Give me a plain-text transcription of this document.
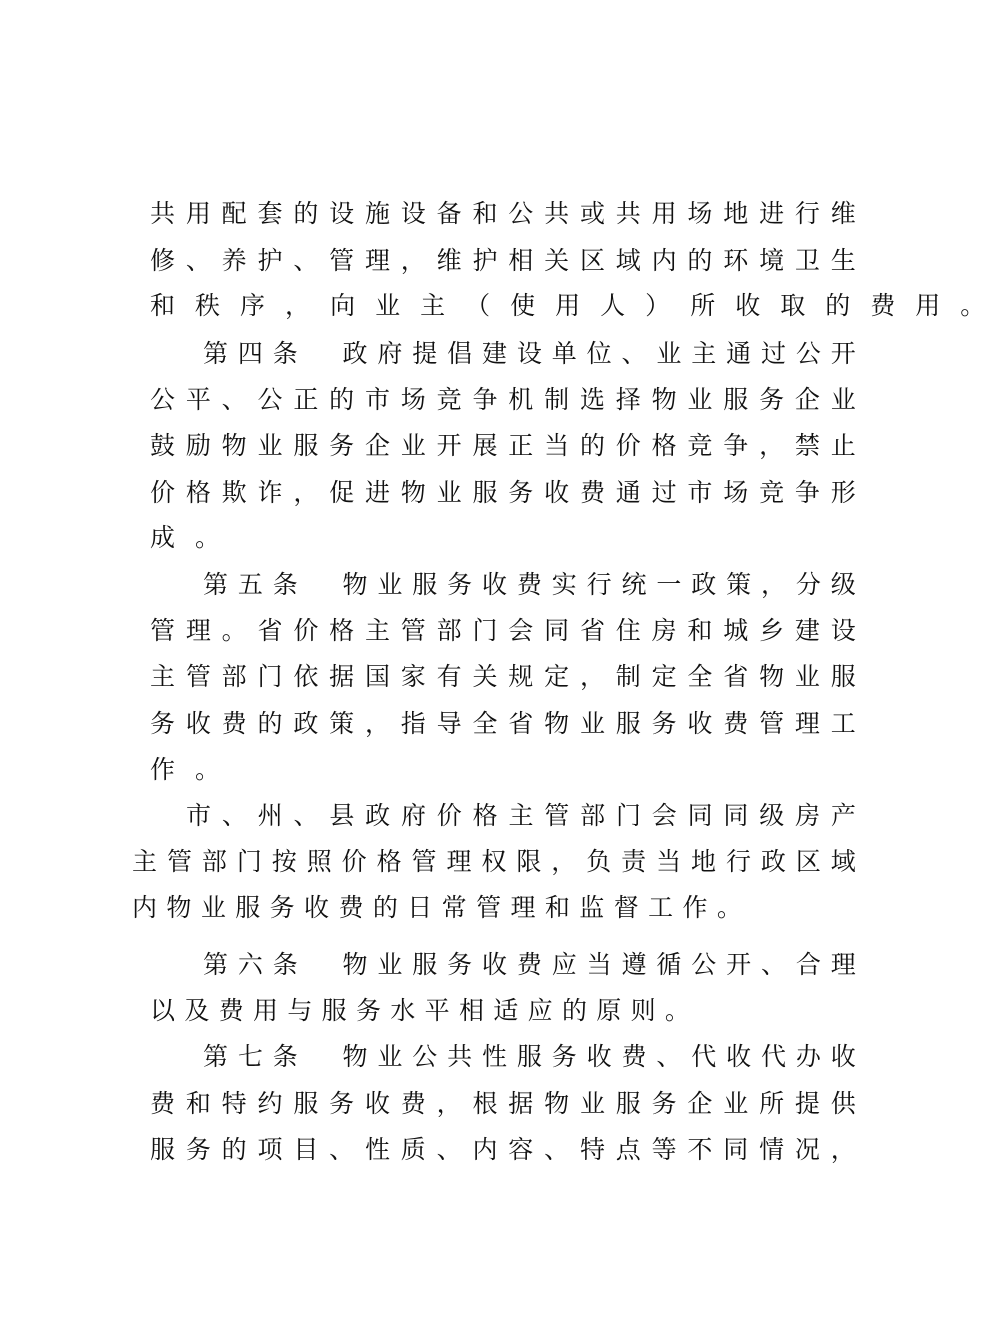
共 用 配 套 的 设 施 设 备 和 公 共 或 共 用 场 地 进 行 维
修 、 养 护 、 管 理 ， 维 护 相 关 区 域 内 的 环 境 卫 生
和 秩 序 ， 向 业 主 （ 使 用 人 ） 所 收 取 的 费 用 。
第 四 条
　 政 府 提 倡 建 设 单 位 、 业 主 通 过 公 开
公 平 、 公 正 的 市 场 竞 争 机 制 选 择 物 业 服 务 企 业
鼓 励 物 业 服 务 企 业 开 展 正 当 的 价 格 竞 争 ， 禁 止
价 格 欺 诈 ， 促 进 物 业 服 务 收 费 通 过 市 场 竞 争 形
成 。
第 五 条
　 物 业 服 务 收 费 实 行 统 一 政 策 ， 分 级
管 理 。 省 价 格 主 管 部 门 会 同 省 住 房 和 城 乡 建 设
主 管 部 门 依 据 国 家 有 关 规 定 ， 制 定 全 省 物 业 服
务 收 费 的 政 策 ， 指 导 全 省 物 业 服 务 收 费 管 理 工
作 。
市 、 州 、 县 政 府 价 格 主 管 部 门 会 同 同 级 房 产
主 管 部 门 按 照 价 格 管 理 权 限 ， 负 责 当 地 行 政 区 域
内 物 业 服 务 收 费 的 日 常 管 理 和 监 督 工 作 。
第 六 条
　 物 业 服 务 收 费 应 当 遵 循 公 开 、 合 理
以 及 费 用 与 服 务 水 平 相 适 应 的 原 则 。
第 七 条
　 物 业 公 共 性 服 务 收 费 、 代 收 代 办 收
费 和 特 约 服 务 收 费 ， 根 据 物 业 服 务 企 业 所 提 供
服 务 的 项 目 、 性 质 、 内 容 、 特 点 等 不 同 情 况 ，
